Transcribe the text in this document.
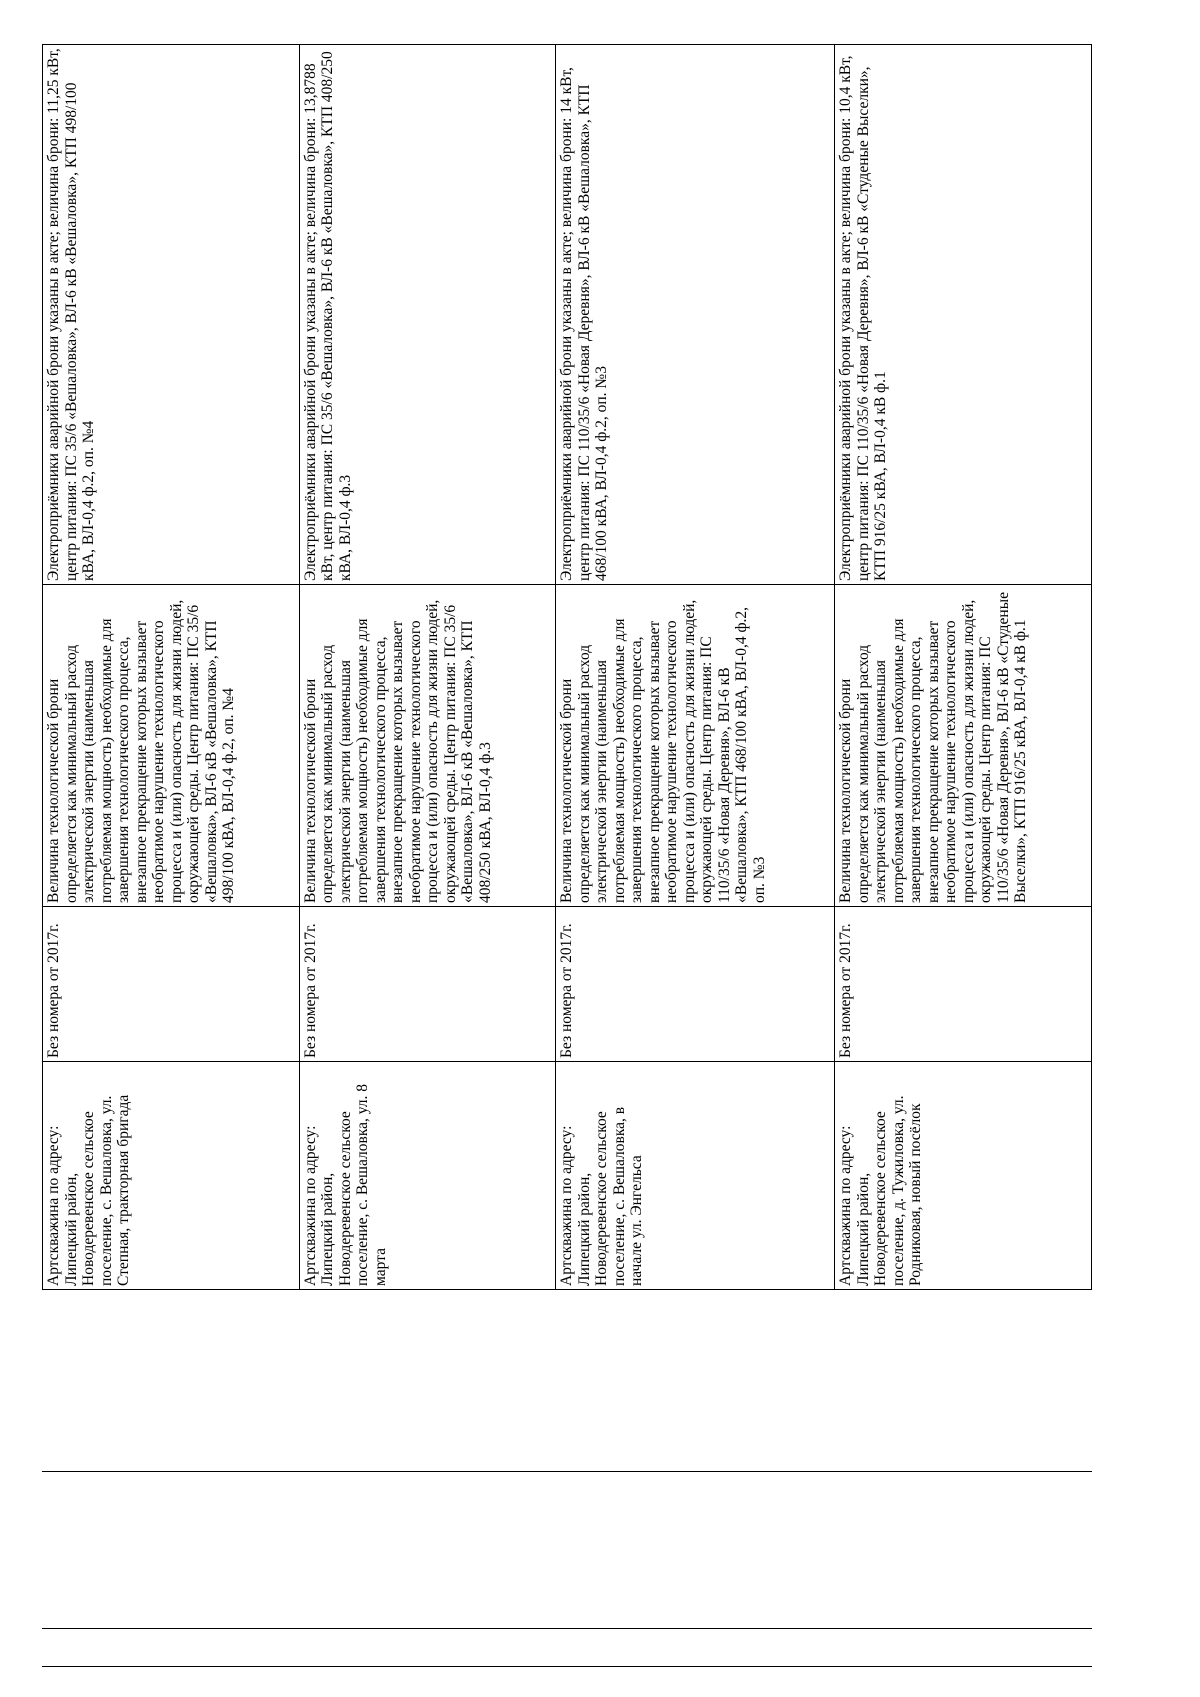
Артскважина по адресу: Липецкий район, Новодеревенское сельское поселение, с. Вешаловка, ул. Степная, тракторная бригада	Без номера от 2017г.	Величина технологической брони определяется как минимальный расход электрической энергии (наименьшая потребляемая мощность) необходимые для завершения технологического процесса, внезапное прекращение которых вызывает необратимое нарушение технологического процесса и (или) опасность для жизни людей, окружающей среды. Центр питания: ПС 35/6 «Вешаловка», ВЛ-6 кВ «Вешаловка», КТП 498/100 кВА, ВЛ-0,4 ф.2, оп. №4	Электроприёмники аварийной брони указаны в акте; величина брони: 11,25 кВт, центр питания: ПС 35/6 «Вешаловка», ВЛ-6 кВ «Вешаловка», КТП 498/100 кВА, ВЛ-0,4 ф.2, оп. №4
Артскважина по адресу: Липецкий район, Новодеревенское сельское поселение, с. Вешаловка, ул. 8 марта	Без номера от 2017г.	Величина технологической брони определяется как минимальный расход электрической энергии (наименьшая потребляемая мощность) необходимые для завершения технологического процесса, внезапное прекращение которых вызывает необратимое нарушение технологического процесса и (или) опасность для жизни людей, окружающей среды. Центр питания: ПС 35/6 «Вешаловка», ВЛ-6 кВ «Вешаловка», КТП 408/250 кВА, ВЛ-0,4 ф.3	Электроприёмники аварийной брони указаны в акте; величина брони: 13,8788 кВт, центр питания: ПС 35/6 «Вешаловка», ВЛ-6 кВ «Вешаловка», КТП 408/250 кВА, ВЛ-0,4 ф.3
Артскважина по адресу: Липецкий район, Новодеревенское сельское поселение, с. Вешаловка, в начале ул. Энгельса	Без номера от 2017г.	Величина технологической брони определяется как минимальный расход электрической энергии (наименьшая потребляемая мощность) необходимые для завершения технологического процесса, внезапное прекращение которых вызывает необратимое нарушение технологического процесса и (или) опасность для жизни людей, окружающей среды. Центр питания: ПС 110/35/6 «Новая Деревня», ВЛ-6 кВ «Вешаловка», КТП 468/100 кВА, ВЛ-0,4 ф.2, оп. №3	Электроприёмники аварийной брони указаны в акте; величина брони: 14 кВт, центр питания: ПС 110/35/6 «Новая Деревня», ВЛ-6 кВ «Вешаловка», КТП 468/100 кВА, ВЛ-0,4 ф.2, оп. №3
Артскважина по адресу: Липецкий район, Новодеревенское сельское поселение, д. Тужиловка, ул. Родниковая, новый посёлок	Без номера от 2017г.	Величина технологической брони определяется как минимальный расход электрической энергии (наименьшая потребляемая мощность) необходимые для завершения технологического процесса, внезапное прекращение которых вызывает необратимое нарушение технологического процесса и (или) опасность для жизни людей, окружающей среды. Центр питания: ПС 110/35/6 «Новая Деревня», ВЛ-6 кВ «Студеные Выселки», КТП 916/25 кВА, ВЛ-0,4 кВ ф.1	Электроприёмники аварийной брони указаны в акте; величина брони: 10,4 кВт, центр питания: ПС 110/35/6 «Новая Деревня», ВЛ-6 кВ «Студеные Выселки», КТП 916/25 кВА, ВЛ-0,4 кВ ф.1
